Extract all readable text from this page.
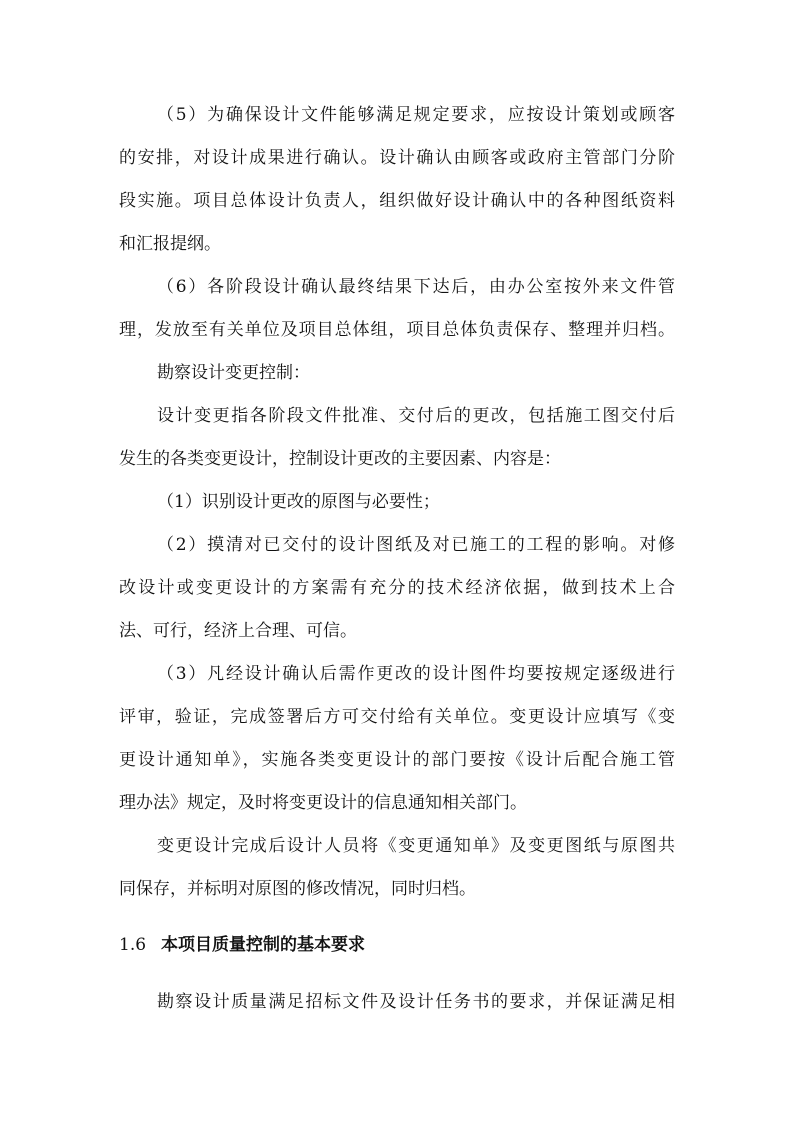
（5）为确保设计文件能够满足规定要求，应按设计策划或顾客
的安排，对设计成果进行确认。设计确认由顾客或政府主管部门分阶
段实施。项目总体设计负责人，组织做好设计确认中的各种图纸资料
和汇报提纲。
（6）各阶段设计确认最终结果下达后，由办公室按外来文件管
理，发放至有关单位及项目总体组，项目总体负责保存、整理并归档。
勘察设计变更控制：
设计变更指各阶段文件批准、交付后的更改，包括施工图交付后
发生的各类变更设计，控制设计更改的主要因素、内容是：
（1）识别设计更改的原图与必要性；
（2）摸清对已交付的设计图纸及对已施工的工程的影响。对修
改设计或变更设计的方案需有充分的技术经济依据，做到技术上合
法、可行，经济上合理、可信。
（3）凡经设计确认后需作更改的设计图件均要按规定逐级进行
评审，验证，完成签署后方可交付给有关单位。变更设计应填写《变
更设计通知单》，实施各类变更设计的部门要按《设计后配合施工管
理办法》规定，及时将变更设计的信息通知相关部门。
变更设计完成后设计人员将《变更通知单》及变更图纸与原图共
同保存，并标明对原图的修改情况，同时归档。
1.6 本项目质量控制的基本要求
勘察设计质量满足招标文件及设计任务书的要求，并保证满足相
